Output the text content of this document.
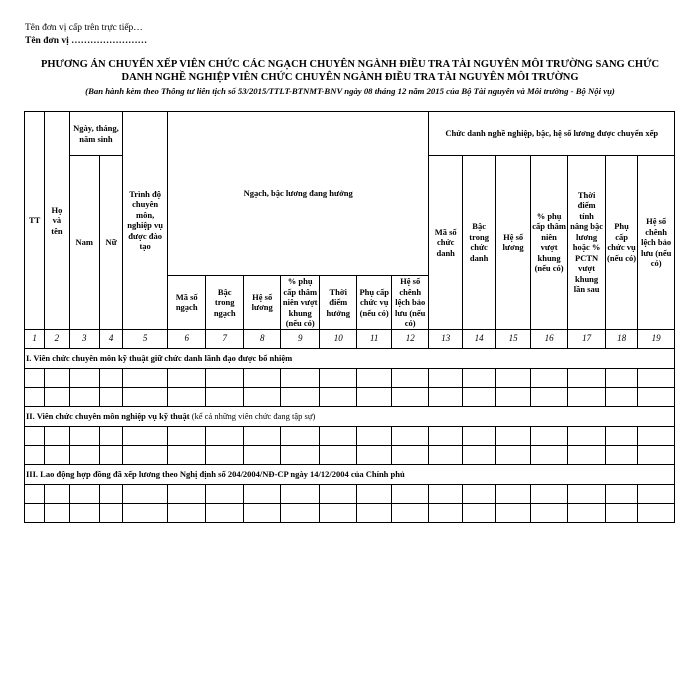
Tên đơn vị cấp trên trực tiếp…
Tên đơn vị ……………………
PHƯƠNG ÁN CHUYỂN XẾP VIÊN CHỨC CÁC NGẠCH CHUYÊN NGÀNH ĐIỀU TRA TÀI NGUYÊN MÔI TRƯỜNG SANG CHỨC
DANH NGHỀ NGHIỆP VIÊN CHỨC CHUYÊN NGÀNH ĐIỀU TRA TÀI NGUYÊN MÔI TRƯỜNG
(Ban hành kèm theo Thông tư liên tịch số 53/2015/TTLT-BTNMT-BNV ngày 08 tháng 12 năm 2015 của Bộ Tài nguyên và Môi trường - Bộ Nội vụ)
TT	Họ và tên	Ngày, tháng, năm sinh		Trình độ chuyên môn, nghiệp vụ được đào tạo	Ngạch, bậc lương đang hưởng							Chức danh nghề nghiệp, bậc, hệ số lương được chuyển xếp						
		Nam	Nữ									Mã số chức danh	Bậc trong chức danh	Hệ số lương	% phụ cấp thâm niên vượt khung (nếu có)	Thời điểm tính nâng bậc lương hoặc % PCTN vượt khung lần sau	Phụ cấp chức vụ (nếu có)	Hệ số chênh lệch bảo lưu (nếu có)
					Mã số ngạch	Bậc trong ngạch	Hệ số lương	% phụ cấp thâm niên vượt khung (nếu có)	Thời điểm hưởng	Phụ cấp chức vụ (nếu có)	Hệ số chênh lệch bảo lưu (nếu có)							
1	2	3	4	5	6	7	8	9	10	11	12	13	14	15	16	17	18	19
I. Viên chức chuyên môn kỹ thuật giữ chức danh lãnh đạo được bổ nhiệm																		

II. Viên chức chuyên môn nghiệp vụ kỹ thuật (kể cả những viên chức đang tập sự)																		

III. Lao động hợp đồng đã xếp lương theo Nghị định số 204/2004/NĐ-CP ngày 14/12/2004 của Chính phủ																		
